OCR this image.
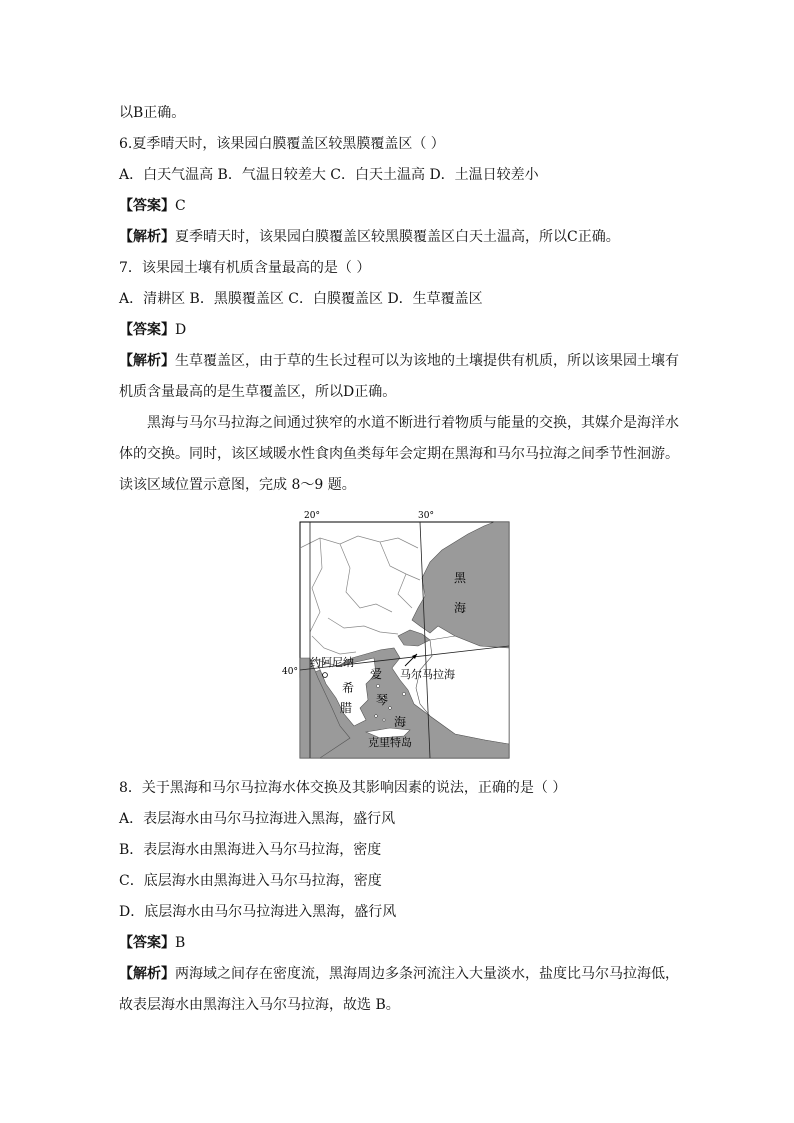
以B正确。
6.夏季晴天时，该果园白膜覆盖区较黑膜覆盖区（ ）
A．白天气温高 B．气温日较差大 C．白天土温高 D．土温日较差小
【答案】C
【解析】夏季晴天时，该果园白膜覆盖区较黑膜覆盖区白天土温高，所以C正确。
7．该果园土壤有机质含量最高的是（ ）
A．清耕区 B．黑膜覆盖区 C．白膜覆盖区 D．生草覆盖区
【答案】D
【解析】生草覆盖区，由于草的生长过程可以为该地的土壤提供有机质，所以该果园土壤有
机质含量最高的是生草覆盖区，所以D正确。
黑海与马尔马拉海之间通过狭窄的水道不断进行着物质与能量的交换，其媒介是海洋水
体的交换。同时，该区域暖水性食肉鱼类每年会定期在黑海和马尔马拉海之间季节性洄游。
读该区域位置示意图，完成 8～9 题。
20°	30°
40°
黑
海
马尔马拉海
约阿尼纳
希
腊
爱
琴
海
克里特岛
8．关于黑海和马尔马拉海水体交换及其影响因素的说法，正确的是（ ）
A．表层海水由马尔马拉海进入黑海，盛行风
B．表层海水由黑海进入马尔马拉海，密度
C．底层海水由黑海进入马尔马拉海，密度
D．底层海水由马尔马拉海进入黑海，盛行风
【答案】B
【解析】两海域之间存在密度流，黑海周边多条河流注入大量淡水，盐度比马尔马拉海低，
故表层海水由黑海注入马尔马拉海，故选 B。
